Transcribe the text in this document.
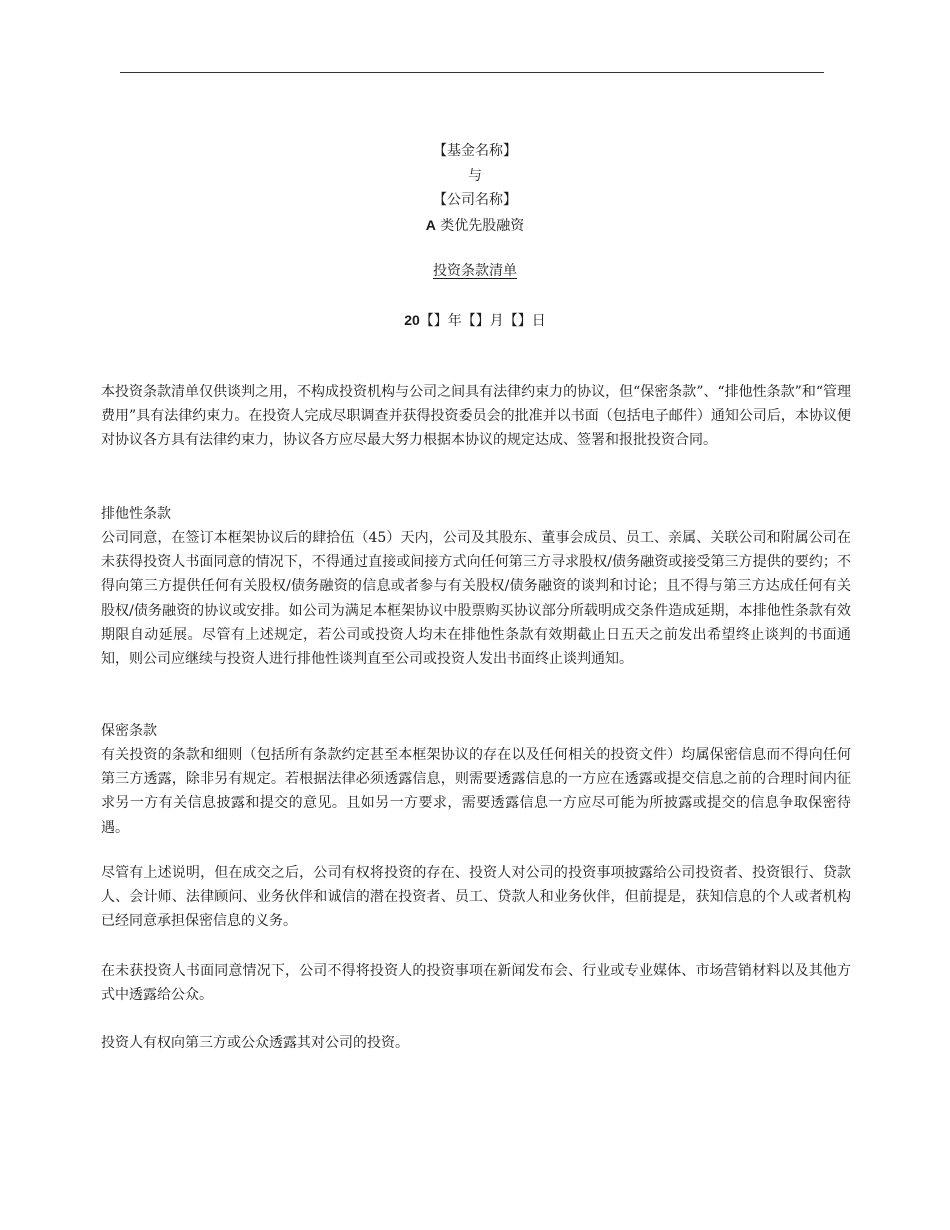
【基金名称】
与
【公司名称】
A 类优先股融资
投资条款清单
20【】年【】月【】日

本投资条款清单仅供谈判之用，不构成投资机构与公司之间具有法律约束力的协议，但“保密条款”、“排他性条款”和“管理费用”具有法律约束力。在投资人完成尽职调查并获得投资委员会的批准并以书面（包括电子邮件）通知公司后，本协议便对协议各方具有法律约束力，协议各方应尽最大努力根据本协议的规定达成、签署和报批投资合同。

排他性条款

公司同意，在签订本框架协议后的肆拾伍（45）天内，公司及其股东、董事会成员、员工、亲属、关联公司和附属公司在未获得投资人书面同意的情况下，不得通过直接或间接方式向任何第三方寻求股权/债务融资或接受第三方提供的要约；不得向第三方提供任何有关股权/债务融资的信息或者参与有关股权/债务融资的谈判和讨论；且不得与第三方达成任何有关股权/债务融资的协议或安排。如公司为满足本框架协议中股票购买协议部分所载明成交条件造成延期，本排他性条款有效期限自动延展。尽管有上述规定，若公司或投资人均未在排他性条款有效期截止日五天之前发出希望终止谈判的书面通知，则公司应继续与投资人进行排他性谈判直至公司或投资人发出书面终止谈判通知。

保密条款

有关投资的条款和细则（包括所有条款约定甚至本框架协议的存在以及任何相关的投资文件）均属保密信息而不得向任何第三方透露，除非另有规定。若根据法律必须透露信息，则需要透露信息的一方应在透露或提交信息之前的合理时间内征求另一方有关信息披露和提交的意见。且如另一方要求，需要透露信息一方应尽可能为所披露或提交的信息争取保密待遇。

尽管有上述说明，但在成交之后，公司有权将投资的存在、投资人对公司的投资事项披露给公司投资者、投资银行、贷款人、会计师、法律顾问、业务伙伴和诚信的潜在投资者、员工、贷款人和业务伙伴，但前提是，获知信息的个人或者机构已经同意承担保密信息的义务。

在未获投资人书面同意情况下，公司不得将投资人的投资事项在新闻发布会、行业或专业媒体、市场营销材料以及其他方式中透露给公众。

投资人有权向第三方或公众透露其对公司的投资。
